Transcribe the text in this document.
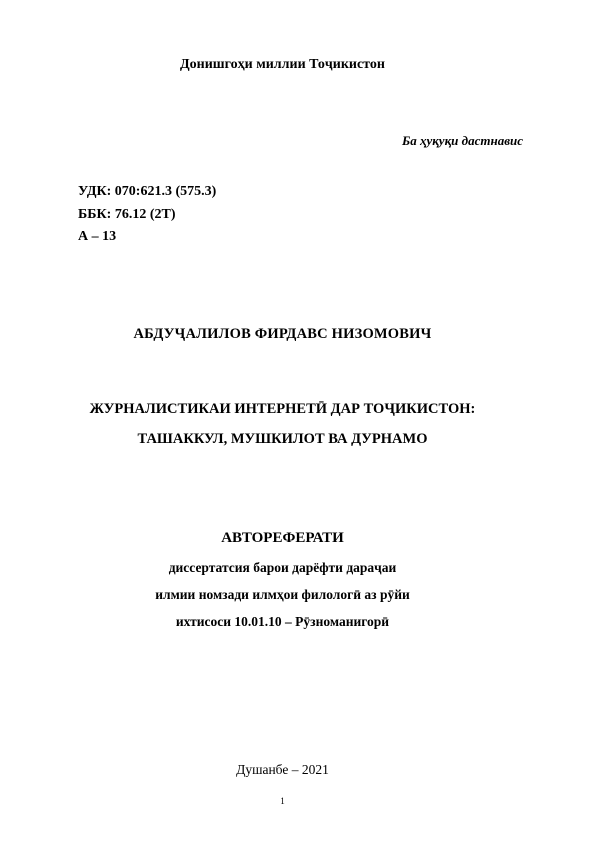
Донишгоҳи миллии Тоҷикистон
Ба ҳуқуқи дастнавис
УДК: 070:621.3 (575.3)
ББК: 76.12 (2Т)
А – 13
АБДУҶАЛИЛОВ ФИРДАВС НИЗОМОВИЧ
ЖУРНАЛИСТИКАИ ИНТЕРНЕТӢ ДАР ТОҶИКИСТОН:
ТАШАККУЛ, МУШКИЛОТ ВА ДУРНАМО
АВТОРЕФЕРАТИ
диссертатсия барои дарёфти дараҷаи
илмии номзади илмҳои филологӣ аз рӯйи
ихтисоси 10.01.10 – Рӯзноманигорӣ
Душанбе – 2021
1
